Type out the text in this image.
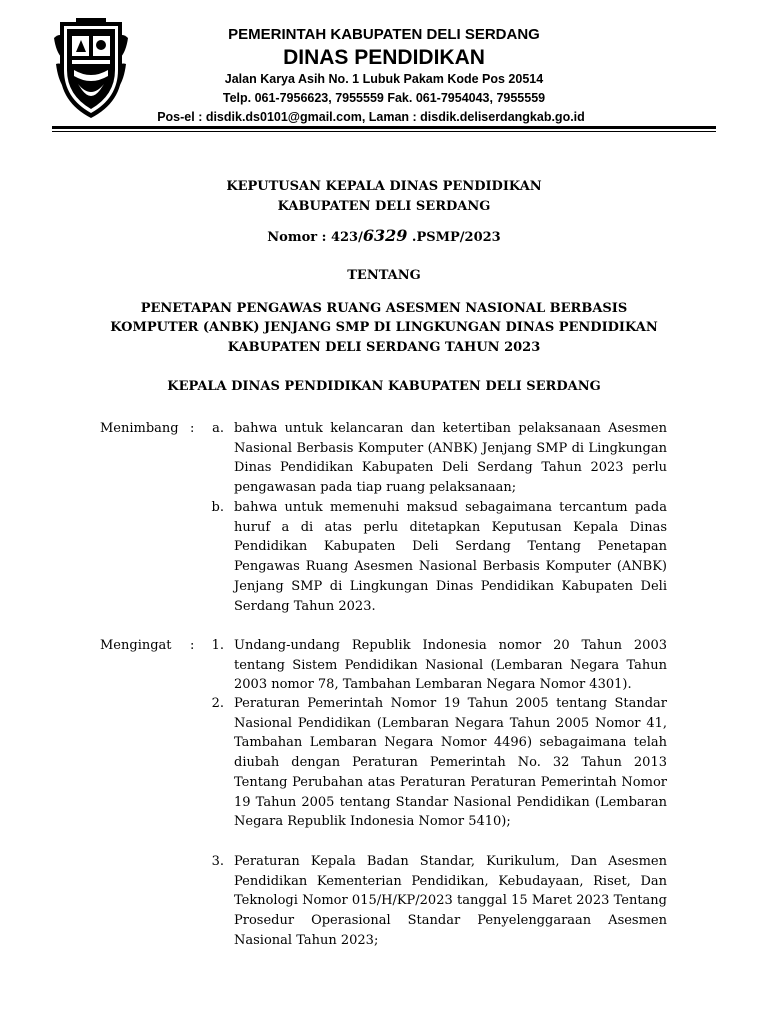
PEMERINTAH KABUPATEN DELI SERDANG
DINAS PENDIDIKAN
Jalan Karya Asih No. 1 Lubuk Pakam Kode Pos 20514
Telp. 061-7956623, 7955559 Fak. 061-7954043, 7955559
Pos-el : disdik.ds0101@gmail.com, Laman : disdik.deliserdangkab.go.id
KEPUTUSAN KEPALA DINAS PENDIDIKAN
KABUPATEN DELI SERDANG
Nomor : 423/6329 .PSMP/2023
TENTANG
PENETAPAN PENGAWAS RUANG ASESMEN NASIONAL BERBASIS
KOMPUTER (ANBK) JENJANG SMP DI LINGKUNGAN DINAS PENDIDIKAN
KABUPATEN DELI SERDANG TAHUN 2023
KEPALA DINAS PENDIDIKAN KABUPATEN DELI SERDANG
Menimbang :	a. bahwa untuk kelancaran dan ketertiban pelaksanaan Asesmen Nasional Berbasis Komputer (ANBK) Jenjang SMP di Lingkungan Dinas Pendidikan Kabupaten Deli Serdang Tahun 2023 perlu pengawasan pada tiap ruang pelaksanaan;
b. bahwa untuk memenuhi maksud sebagaimana tercantum pada huruf a di atas perlu ditetapkan Keputusan Kepala Dinas Pendidikan Kabupaten Deli Serdang Tentang Penetapan Pengawas Ruang Asesmen Nasional Berbasis Komputer (ANBK) Jenjang SMP di Lingkungan Dinas Pendidikan Kabupaten Deli Serdang Tahun 2023.
Mengingat :	1. Undang-undang Republik Indonesia nomor 20 Tahun 2003 tentang Sistem Pendidikan Nasional (Lembaran Negara Tahun 2003 nomor 78, Tambahan Lembaran Negara Nomor 4301).
2. Peraturan Pemerintah Nomor 19 Tahun 2005 tentang Standar Nasional Pendidikan (Lembaran Negara Tahun 2005 Nomor 41, Tambahan Lembaran Negara Nomor 4496) sebagaimana telah diubah dengan Peraturan Pemerintah No. 32 Tahun 2013 Tentang Perubahan atas Peraturan Peraturan Pemerintah Nomor 19 Tahun 2005 tentang Standar Nasional Pendidikan (Lembaran Negara Republik Indonesia Nomor 5410);
3. Peraturan Kepala Badan Standar, Kurikulum, Dan Asesmen Pendidikan Kementerian Pendidikan, Kebudayaan, Riset, Dan Teknologi Nomor 015/H/KP/2023 tanggal 15 Maret 2023 Tentang Prosedur Operasional Standar Penyelenggaraan Asesmen Nasional Tahun 2023;
